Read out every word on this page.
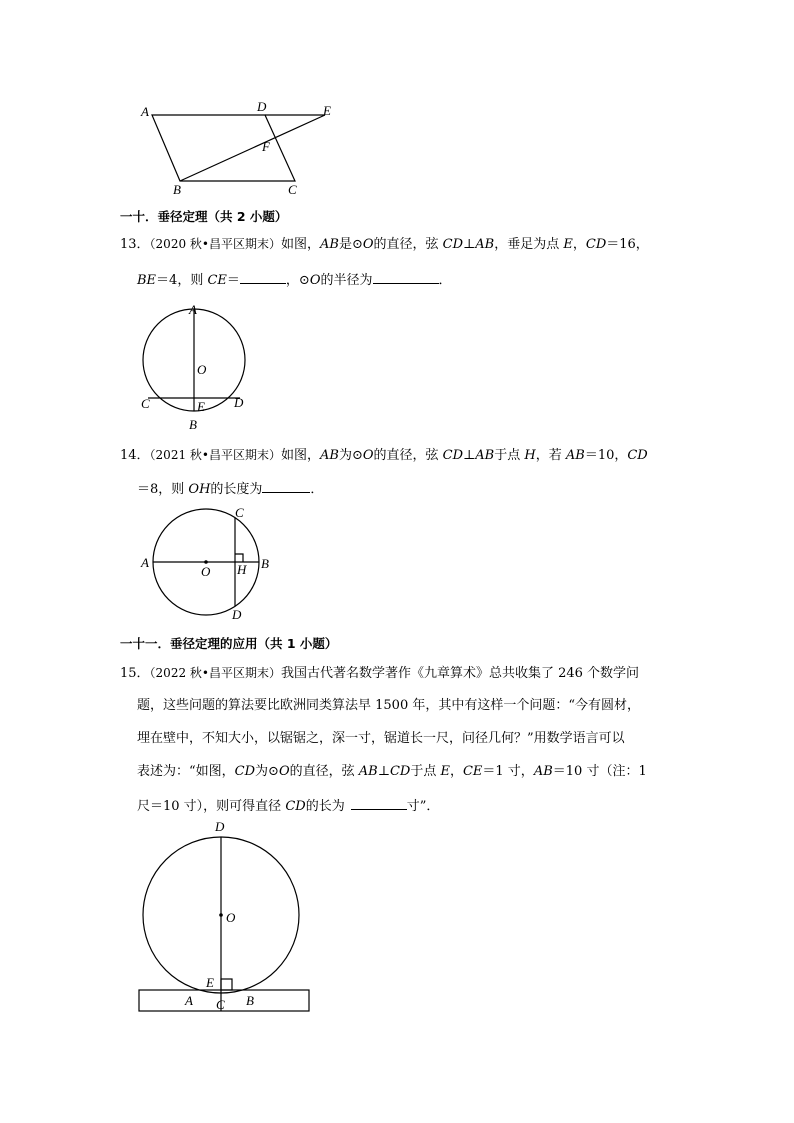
A	D	E
F
B	C
一十．垂径定理（共 2 小题）
13．（2020 秋•昌平区期末）如图，AB是⊙O的直径，弦 CD⊥AB，垂足为点 E，CD＝16，
BE＝4，则 CE＝	，⊙O的半径为	．
A
O
C	E D
B
14．（2021 秋•昌平区期末）如图，AB为⊙O的直径，弦 CD⊥AB于点 H，若 AB＝10，CD
＝8，则 OH的长度为	．
A
O H B
C
D
一十一．垂径定理的应用（共 1 小题）
15．（2022 秋•昌平区期末）我国古代著名数学著作《九章算术》总共收集了 246 个数学问
题，这些问题的算法要比欧洲同类算法早 1500 年，其中有这样一个问题：“今有圆材，
埋在壁中，不知大小，以锯锯之，深一寸，锯道长一尺，问径几何？”用数学语言可以
表述为：“如图，CD为⊙O的直径，弦 AB⊥CD于点 E，CE＝1 寸，AB＝10 寸（注：1
尺＝10 寸），则可得直径 CD的长为	寸”．
D
O
E
A C B
